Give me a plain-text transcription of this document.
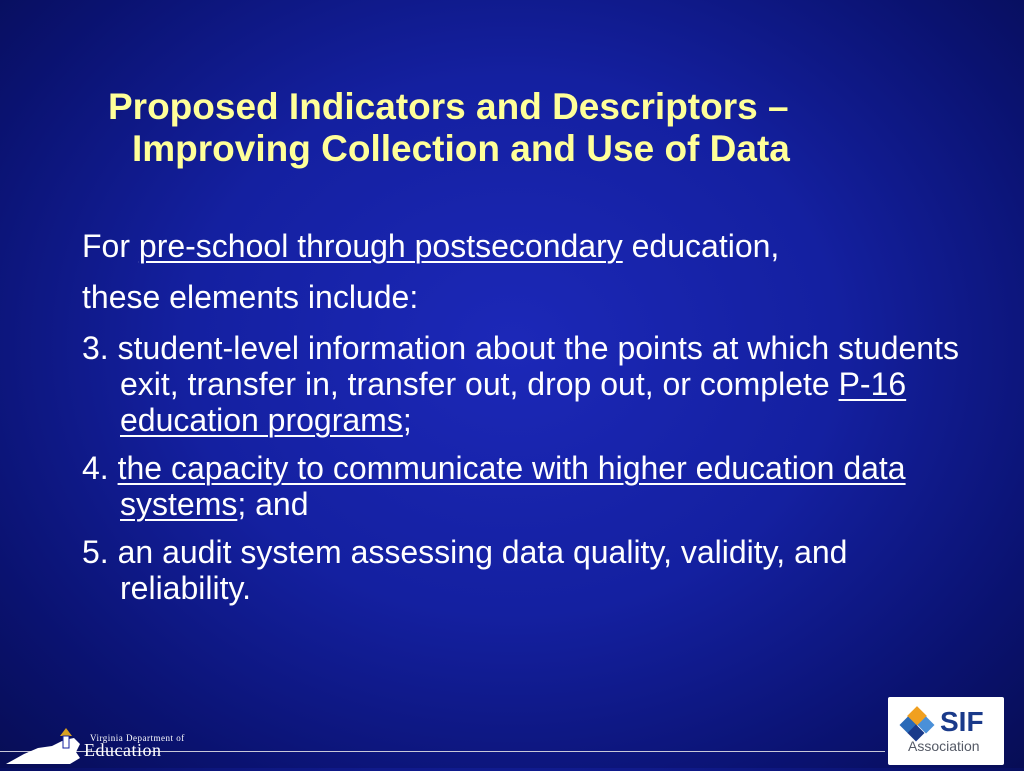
Proposed Indicators and Descriptors –
Improving Collection and Use of Data
For pre-school through postsecondary education,
these elements include:
3. student-level information about the points at which students exit, transfer in, transfer out, drop out, or complete P-16 education programs;
4. the capacity to communicate with higher education data systems; and
5. an audit system assessing data quality, validity, and reliability.
Virginia Department of
Education
SIF
Association
